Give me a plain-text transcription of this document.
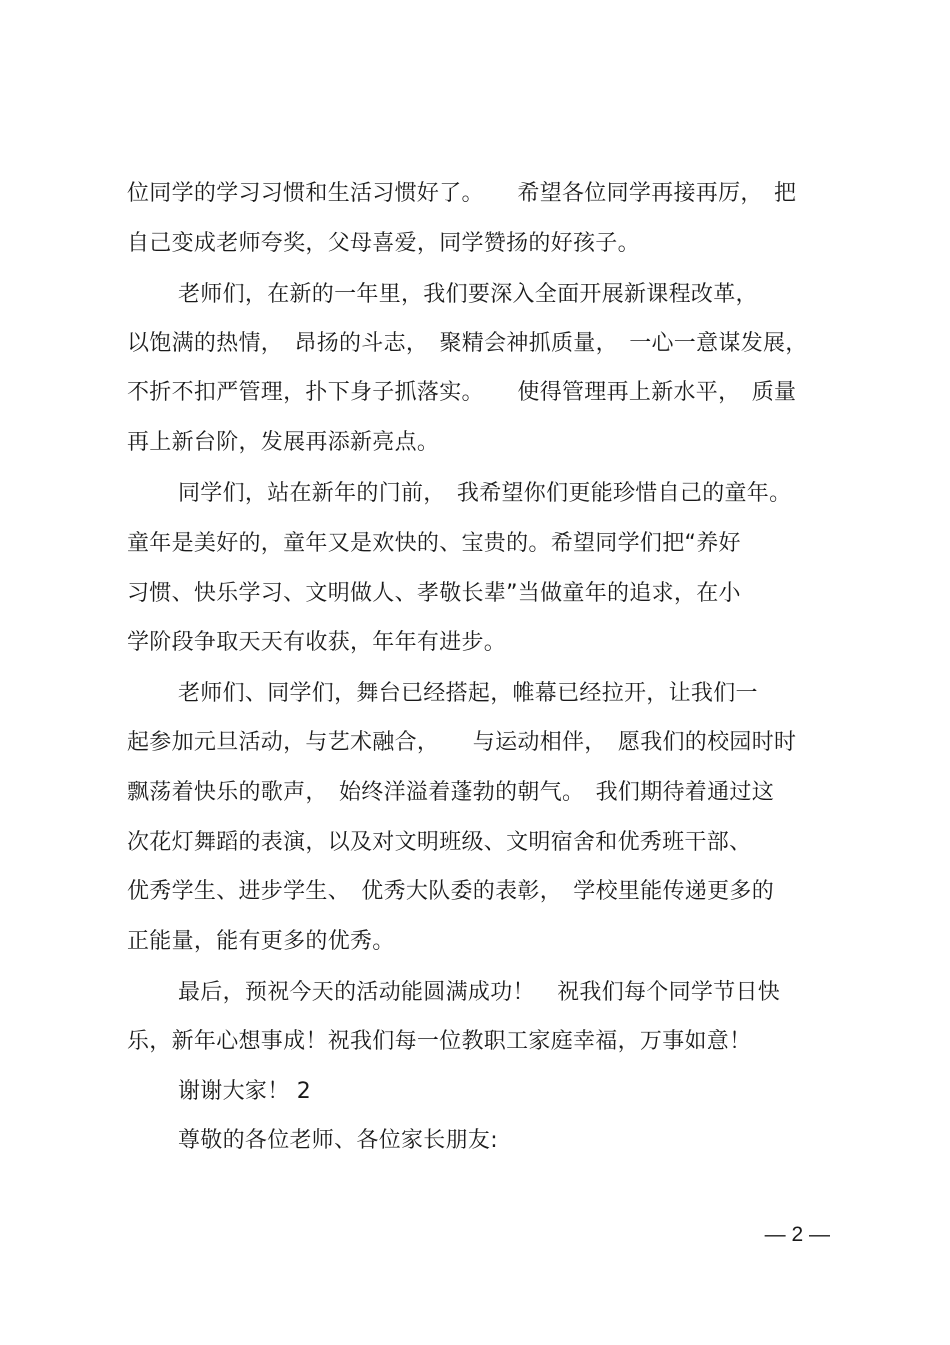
位同学的学习习惯和生活习惯好了。　　希望各位同学再接再厉，　把
自己变成老师夸奖，父母喜爱，同学赞扬的好孩子。
老师们，在新的一年里，我们要深入全面开展新课程改革，
以饱满的热情，　昂扬的斗志，　聚精会神抓质量，　一心一意谋发展，
不折不扣严管理，扑下身子抓落实。　　使得管理再上新水平，　质量
再上新台阶，发展再添新亮点。
同学们，站在新年的门前，　我希望你们更能珍惜自己的童年。
童年是美好的，童年又是欢快的、宝贵的。希望同学们把“养好
习惯、快乐学习、文明做人、孝敬长辈”当做童年的追求，在小
学阶段争取天天有收获，年年有进步。
老师们、同学们，舞台已经搭起，帷幕已经拉开，让我们一
起参加元旦活动，与艺术融合，　　与运动相伴，　愿我们的校园时时
飘荡着快乐的歌声，　始终洋溢着蓬勃的朝气。　我们期待着通过这
次花灯舞蹈的表演，以及对文明班级、文明宿舍和优秀班干部、
优秀学生、进步学生、　优秀大队委的表彰，　学校里能传递更多的
正能量，能有更多的优秀。
最后，预祝今天的活动能圆满成功！　祝我们每个同学节日快
乐，新年心想事成！祝我们每一位教职工家庭幸福，万事如意！
谢谢大家！ 2
尊敬的各位老师、各位家长朋友:
— 2 —
